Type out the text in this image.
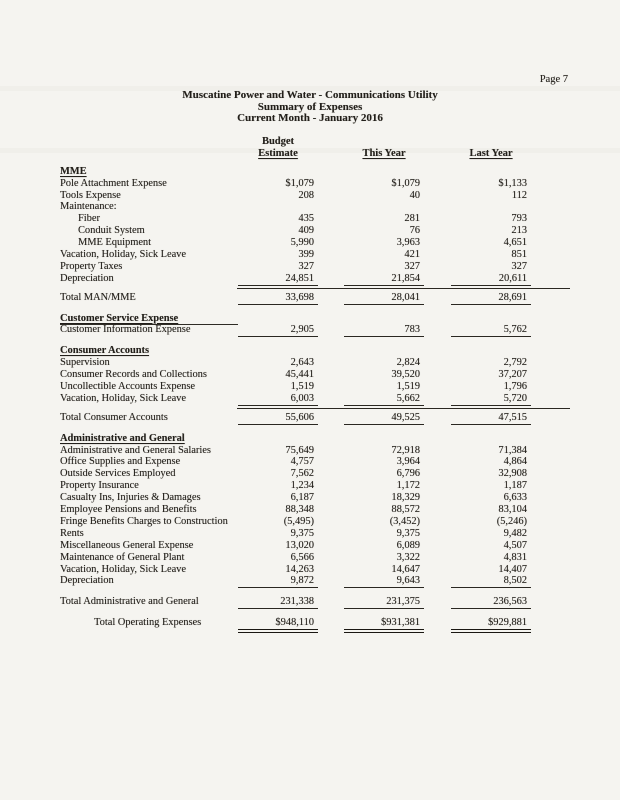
Page 7
Muscatine Power and Water - Communications Utility
Summary of Expenses
Current Month - January 2016
Budget
Estimate	This Year	Last Year
MME
Pole Attachment Expense	$1,079	$1,079	$1,133
Tools Expense	208	40	112
Maintenance:
Fiber	435	281	793
Conduit System	409	76	213
MME Equipment	5,990	3,963	4,651
Vacation, Holiday, Sick Leave	399	421	851
Property Taxes	327	327	327
Depreciation	24,851	21,854	20,611
Total MAN/MME	33,698	28,041	28,691
Customer Service Expense
Customer Information Expense	2,905	783	5,762
Consumer Accounts
Supervision	2,643	2,824	2,792
Consumer Records and Collections	45,441	39,520	37,207
Uncollectible Accounts Expense	1,519	1,519	1,796
Vacation, Holiday, Sick Leave	6,003	5,662	5,720
Total Consumer Accounts	55,606	49,525	47,515
Administrative and General
Administrative and General Salaries	75,649	72,918	71,384
Office Supplies and Expense	4,757	3,964	4,864
Outside Services Employed	7,562	6,796	32,908
Property Insurance	1,234	1,172	1,187
Casualty Ins, Injuries & Damages	6,187	18,329	6,633
Employee Pensions and Benefits	88,348	88,572	83,104
Fringe Benefits Charges to Construction	(5,495)	(3,452)	(5,246)
Rents	9,375	9,375	9,482
Miscellaneous General Expense	13,020	6,089	4,507
Maintenance of General Plant	6,566	3,322	4,831
Vacation, Holiday, Sick Leave	14,263	14,647	14,407
Depreciation	9,872	9,643	8,502
Total Administrative and General	231,338	231,375	236,563
Total Operating Expenses	$948,110	$931,381	$929,881
